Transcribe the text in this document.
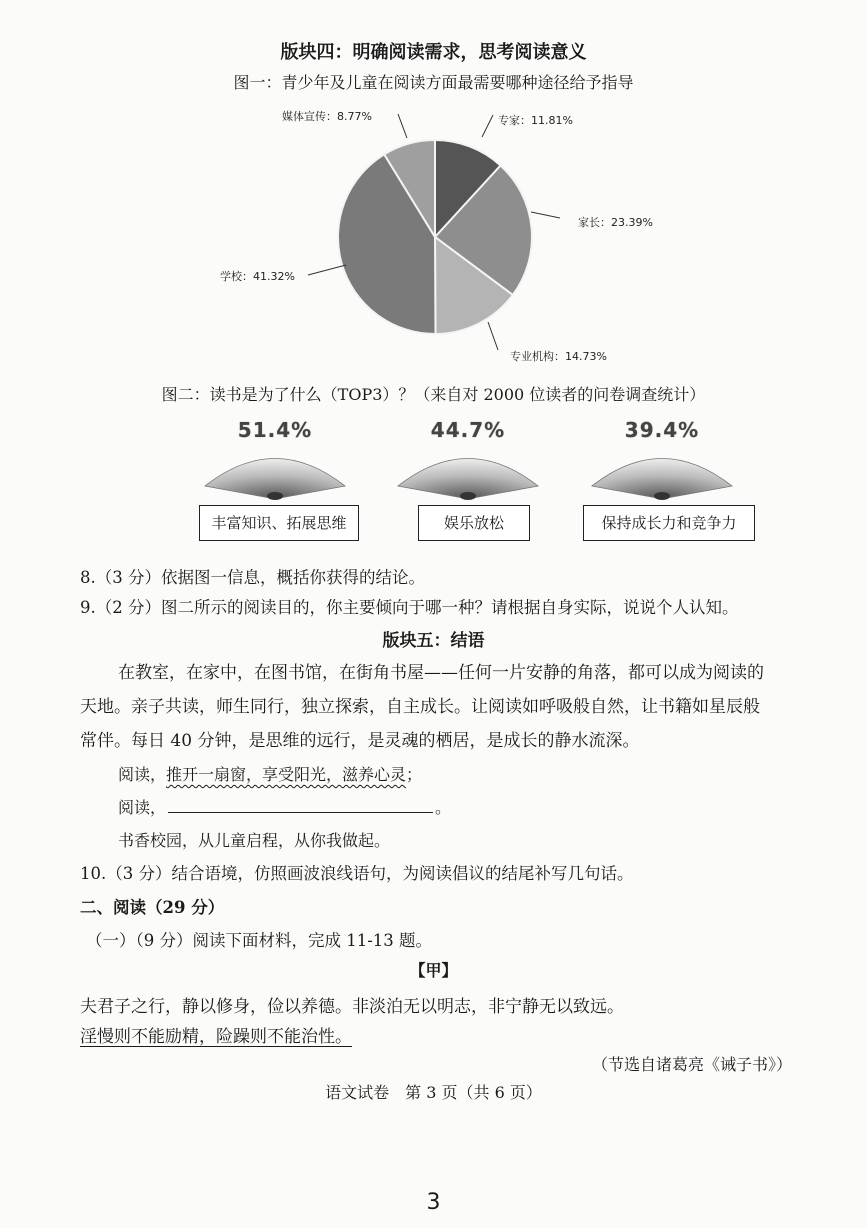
版块四：明确阅读需求，思考阅读意义
图一：青少年及儿童在阅读方面最需要哪种途径给予指导
专家：11.81%
家长：23.39%
专业机构：14.73%
学校：41.32%
媒体宣传：8.77%
图二：读书是为了什么（TOP3）？（来自对 2000 位读者的问卷调查统计）
51.4%	44.7%	39.4%
丰富知识、拓展思维	娱乐放松	保持成长力和竞争力
8.（3 分）依据图一信息，概括你获得的结论。
9.（2 分）图二所示的阅读目的，你主要倾向于哪一种？请根据自身实际，说说个人认知。
版块五：结语
在教室，在家中，在图书馆，在街角书屋——任何一片安静的角落，都可以成为阅读的
天地。亲子共读，师生同行，独立探索，自主成长。让阅读如呼吸般自然，让书籍如星辰般
常伴。每日 40 分钟，是思维的远行，是灵魂的栖居，是成长的静水流深。
阅读，推开一扇窗，享受阳光，滋养心灵；
阅读，	。
书香校园，从儿童启程，从你我做起。
10.（3 分）结合语境，仿照画波浪线语句，为阅读倡议的结尾补写几句话。
二、阅读（29 分）
（一）（9 分）阅读下面材料，完成 11-13 题。
【甲】
夫君子之行，静以修身，俭以养德。非淡泊无以明志，非宁静无以致远。
淫慢则不能励精，险躁则不能治性。
（节选自诸葛亮《诫子书》）
语文试卷　第 3 页（共 6 页）
3
